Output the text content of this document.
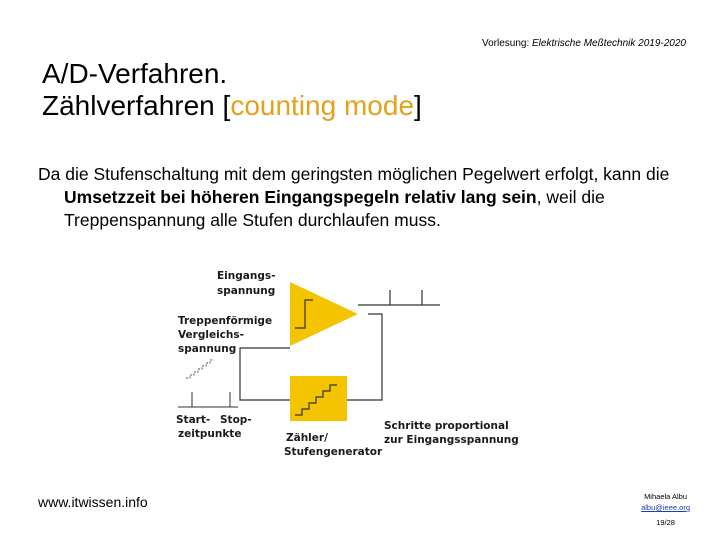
Vorlesung: Elektrische Meßtechnik 2019-2020
A/D-Verfahren.
Zählverfahren [counting mode]
Da die Stufenschaltung mit dem geringsten möglichen Pegelwert erfolgt, kann die Umsetzzeit bei höheren Eingangspegeln relativ lang sein, weil die Treppenspannung alle Stufen durchlaufen muss.
Eingangs-
spannung
Treppenförmige
Vergleichs-
spannung
Start- Stop-
zeitpunkte	Zähler/
Stufengenerator
Schritte proportional
zur Eingangsspannung
www.itwissen.info	Mihaela Albu
albu@ieee.org
19/28
